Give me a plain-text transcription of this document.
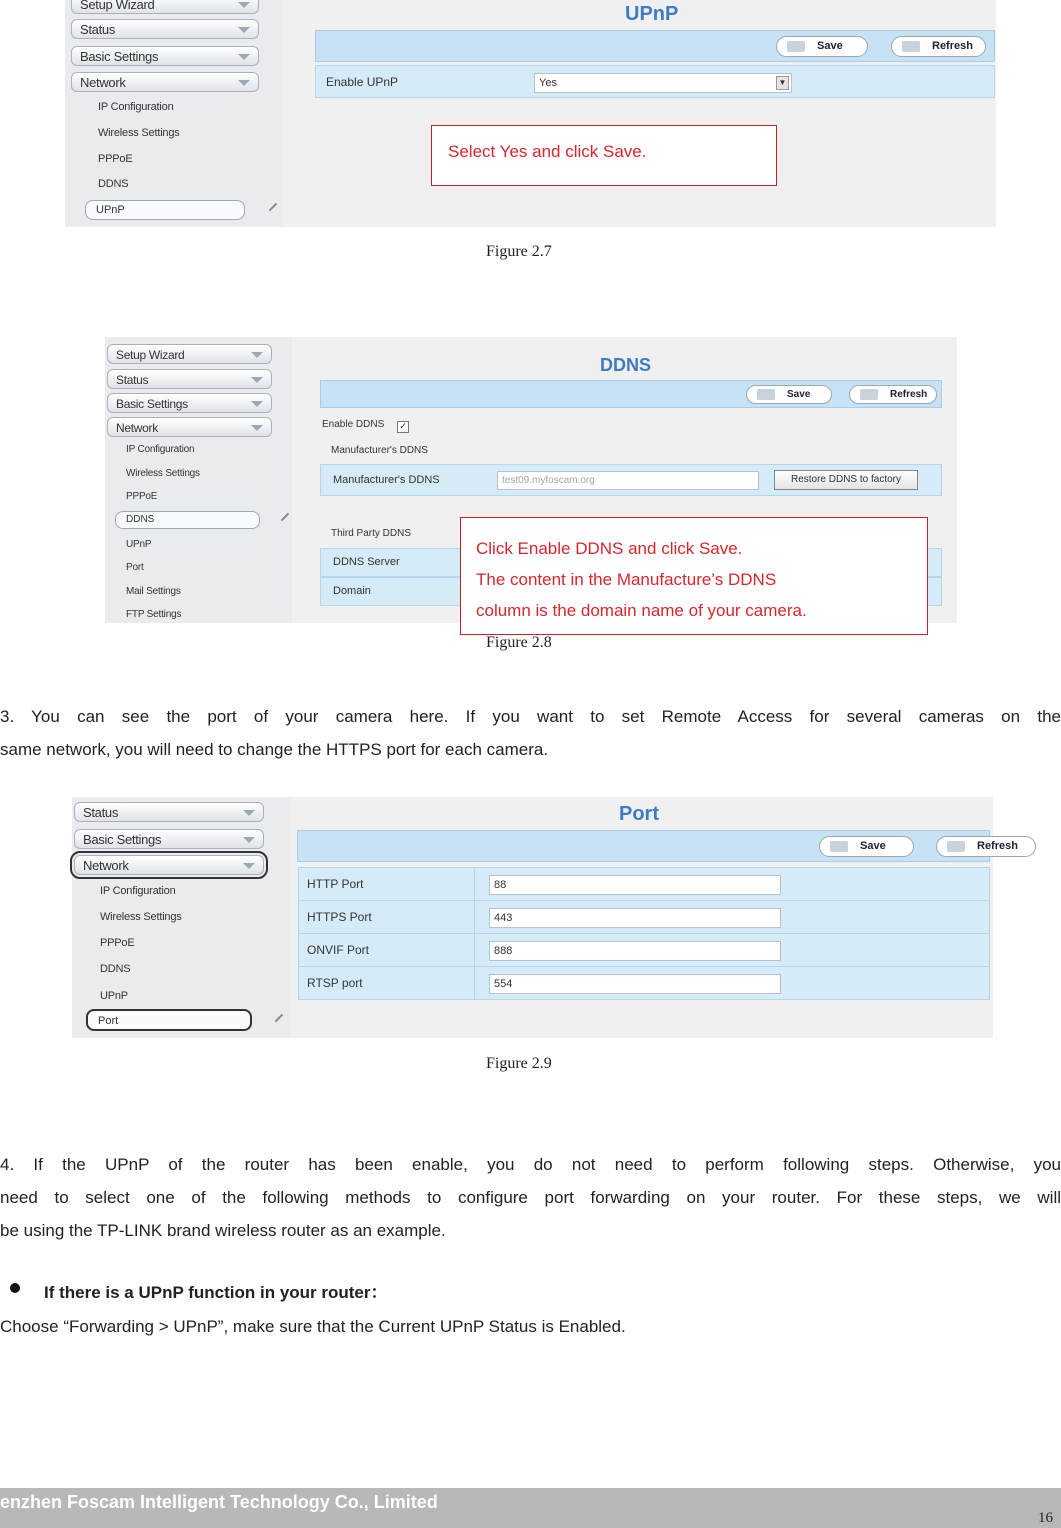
Setup Wizard
Status
Basic Settings
Network
IP Configuration
Wireless Settings
PPPoE
DDNS
UPnP
UPnP
Save	Refresh
Enable UPnP	Yes	▼
Select Yes and click Save.
Figure 2.7
Setup Wizard
Status
Basic Settings
Network
IP Configuration
Wireless Settings
PPPoE
DDNS
UPnP
Port
Mail Settings
FTP Settings
DDNS
Save	Refresh
Enable DDNS ✓
Manufacturer's DDNS
Manufacturer's DDNS	test09.myfoscam.org	Restore DDNS to factory
Third Party DDNS
DDNS Server
Domain
Click Enable DDNS and click Save.
The content in the Manufacture’s DDNS
column is the domain name of your camera.
Figure 2.8
3. You can see the port of your camera here. If you want to set Remote Access for several cameras on the
same network, you will need to change the HTTPS port for each camera.
Status
Basic Settings
Network
IP Configuration
Wireless Settings
PPPoE
DDNS
UPnP
Port
Port
Save	Refresh
HTTP Port	88
HTTPS Port	443
ONVIF Port	888
RTSP port	554
Figure 2.9
4. If the UPnP of the router has been enable, you do not need to perform following steps. Otherwise, you
need to select one of the following methods to configure port forwarding on your router. For these steps, we will
be using the TP-LINK brand wireless router as an example.
If there is a UPnP function in your router：
Choose “Forwarding > UPnP”, make sure that the Current UPnP Status is Enabled.
enzhen Foscam Intelligent Technology Co., Limited
16
